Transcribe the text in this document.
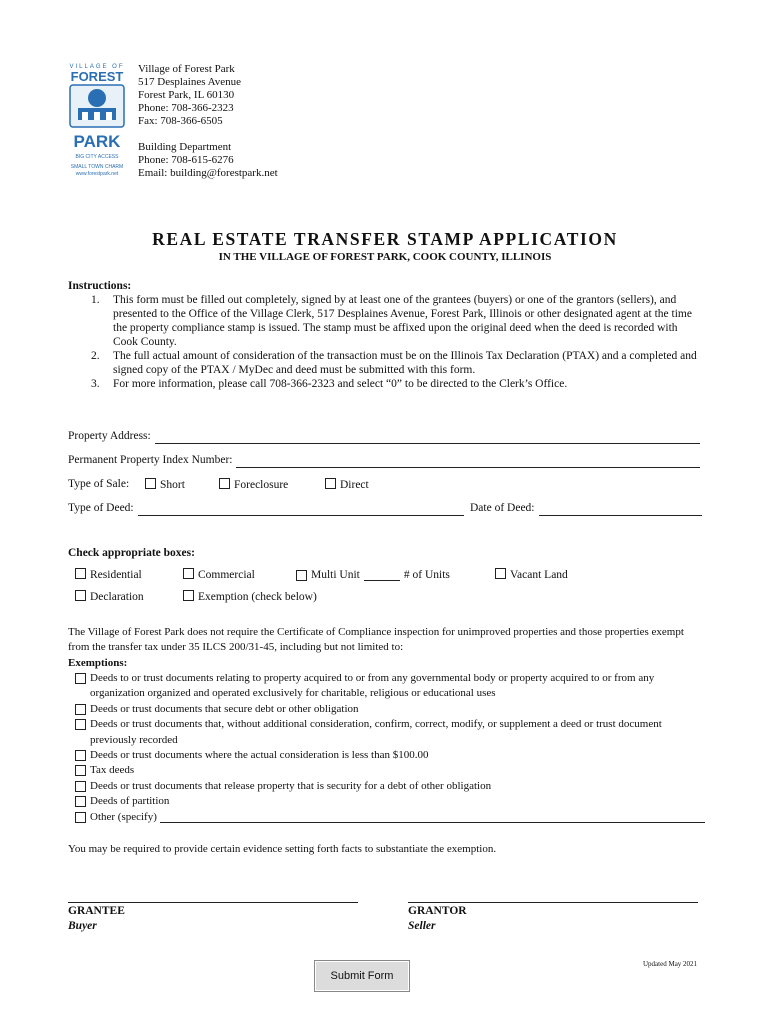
VILLAGE OF
FOREST
PARK
BIG CITY ACCESS
SMALL TOWN CHARM
www.forestpark.net
Village of Forest Park
517 Desplaines Avenue
Forest Park, IL 60130
Phone: 708-366-2323
Fax: 708-366-6505
Building Department
Phone: 708-615-6276
Email: building@forestpark.net
REAL ESTATE TRANSFER STAMP APPLICATION
IN THE VILLAGE OF FOREST PARK, COOK COUNTY, ILLINOIS
Instructions:
1. This form must be filled out completely, signed by at least one of the grantees (buyers) or one of the grantors (sellers), and presented to the Office of the Village Clerk, 517 Desplaines Avenue, Forest Park, Illinois or other designated agent at the time the property compliance stamp is issued. The stamp must be affixed upon the original deed when the deed is recorded with Cook County.
2. The full actual amount of consideration of the transaction must be on the Illinois Tax Declaration (PTAX) and a completed and signed copy of the PTAX / MyDec and deed must be submitted with this form.
3. For more information, please call 708-366-2323 and select “0” to be directed to the Clerk’s Office.
Property Address:
Permanent Property Index Number:
Type of Sale:	Short	Foreclosure	Direct
Type of Deed:	Date of Deed:
Check appropriate boxes:
Residential	Commercial	Multi Unit	# of Units	Vacant Land
Declaration	Exemption (check below)
The Village of Forest Park does not require the Certificate of Compliance inspection for unimproved properties and those properties exempt from the transfer tax under 35 ILCS 200/31-45, including but not limited to:
Exemptions:
Deeds to or trust documents relating to property acquired to or from any governmental body or property acquired to or from any organization organized and operated exclusively for charitable, religious or educational uses
Deeds or trust documents that secure debt or other obligation
Deeds or trust documents that, without additional consideration, confirm, correct, modify, or supplement a deed or trust document previously recorded
Deeds or trust documents where the actual consideration is less than $100.00
Tax deeds
Deeds or trust documents that release property that is security for a debt of other obligation
Deeds of partition
Other (specify)
You may be required to provide certain evidence setting forth facts to substantiate the exemption.
GRANTEE
Buyer
GRANTOR
Seller
Updated May 2021
Submit Form
